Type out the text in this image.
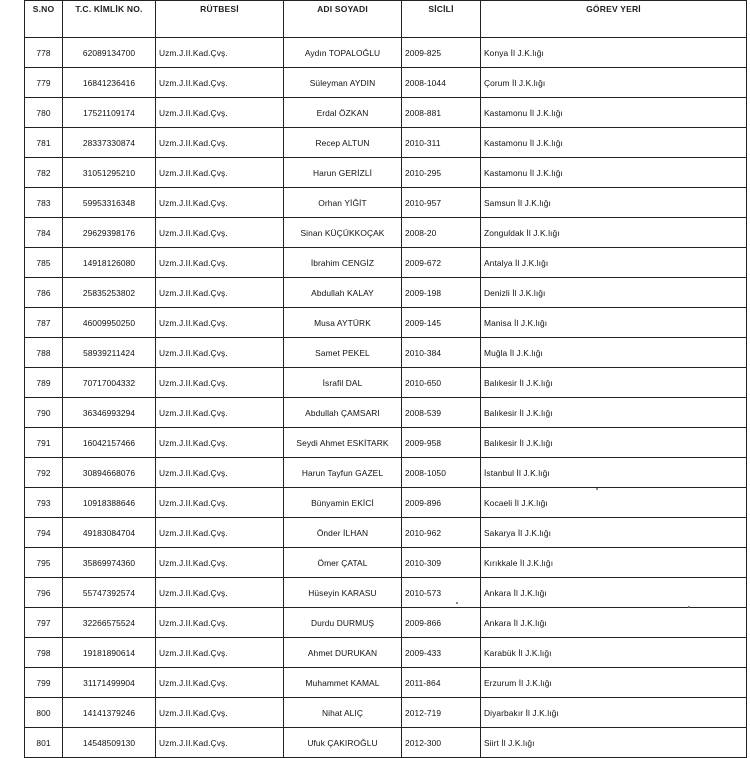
S.NO	T.C. KİMLİK NO.	RÜTBESİ	ADI SOYADI	SİCİLİ	GÖREV YERİ
778	62089134700	Uzm.J.II.Kad.Çvş.	Aydın TOPALOĞLU	2009-825	Konya İl J.K.lığı
779	16841236416	Uzm.J.II.Kad.Çvş.	Süleyman AYDIN	2008-1044	Çorum İl J.K.lığı
780	17521109174	Uzm.J.II.Kad.Çvş.	Erdal ÖZKAN	2008-881	Kastamonu İl J.K.lığı
781	28337330874	Uzm.J.II.Kad.Çvş.	Recep ALTUN	2010-311	Kastamonu İl J.K.lığı
782	31051295210	Uzm.J.II.Kad.Çvş.	Harun GERİZLİ	2010-295	Kastamonu İl J.K.lığı
783	59953316348	Uzm.J.II.Kad.Çvş.	Orhan YİĞİT	2010-957	Samsun İl J.K.lığı
784	29629398176	Uzm.J.II.Kad.Çvş.	Sinan KÜÇÜKKOÇAK	2008-20	Zonguldak İl J.K.lığı
785	14918126080	Uzm.J.II.Kad.Çvş.	İbrahim CENGİZ	2009-672	Antalya İl J.K.lığı
786	25835253802	Uzm.J.II.Kad.Çvş.	Abdullah KALAY	2009-198	Denizli İl J.K.lığı
787	46009950250	Uzm.J.II.Kad.Çvş.	Musa AYTÜRK	2009-145	Manisa İl J.K.lığı
788	58939211424	Uzm.J.II.Kad.Çvş.	Samet PEKEL	2010-384	Muğla İl J.K.lığı
789	70717004332	Uzm.J.II.Kad.Çvş.	İsrafil DAL	2010-650	Balıkesir İl J.K.lığı
790	36346993294	Uzm.J.II.Kad.Çvş.	Abdullah ÇAMSARI	2008-539	Balıkesir İl J.K.lığı
791	16042157466	Uzm.J.II.Kad.Çvş.	Seydi Ahmet ESKİTARK	2009-958	Balıkesir İl J.K.lığı
792	30894668076	Uzm.J.II.Kad.Çvş.	Harun Tayfun GAZEL	2008-1050	İstanbul İl J.K.lığı
793	10918388646	Uzm.J.II.Kad.Çvş.	Bünyamin EKİCİ	2009-896	Kocaeli İl J.K.lığı
794	49183084704	Uzm.J.II.Kad.Çvş.	Önder İLHAN	2010-962	Sakarya İl J.K.lığı
795	35869974360	Uzm.J.II.Kad.Çvş.	Ömer ÇATAL	2010-309	Kırıkkale İl J.K.lığı
796	55747392574	Uzm.J.II.Kad.Çvş.	Hüseyin KARASU	2010-573	Ankara İl J.K.lığı
797	32266575524	Uzm.J.II.Kad.Çvş.	Durdu DURMUŞ	2009-866	Ankara İl J.K.lığı
798	19181890614	Uzm.J.II.Kad.Çvş.	Ahmet DURUKAN	2009-433	Karabük İl J.K.lığı
799	31171499904	Uzm.J.II.Kad.Çvş.	Muhammet KAMAL	2011-864	Erzurum İl J.K.lığı
800	14141379246	Uzm.J.II.Kad.Çvş.	Nihat ALIÇ	2012-719	Diyarbakır İl J.K.lığı
801	14548509130	Uzm.J.II.Kad.Çvş.	Ufuk ÇAKIROĞLU	2012-300	Siirt İl J.K.lığı
